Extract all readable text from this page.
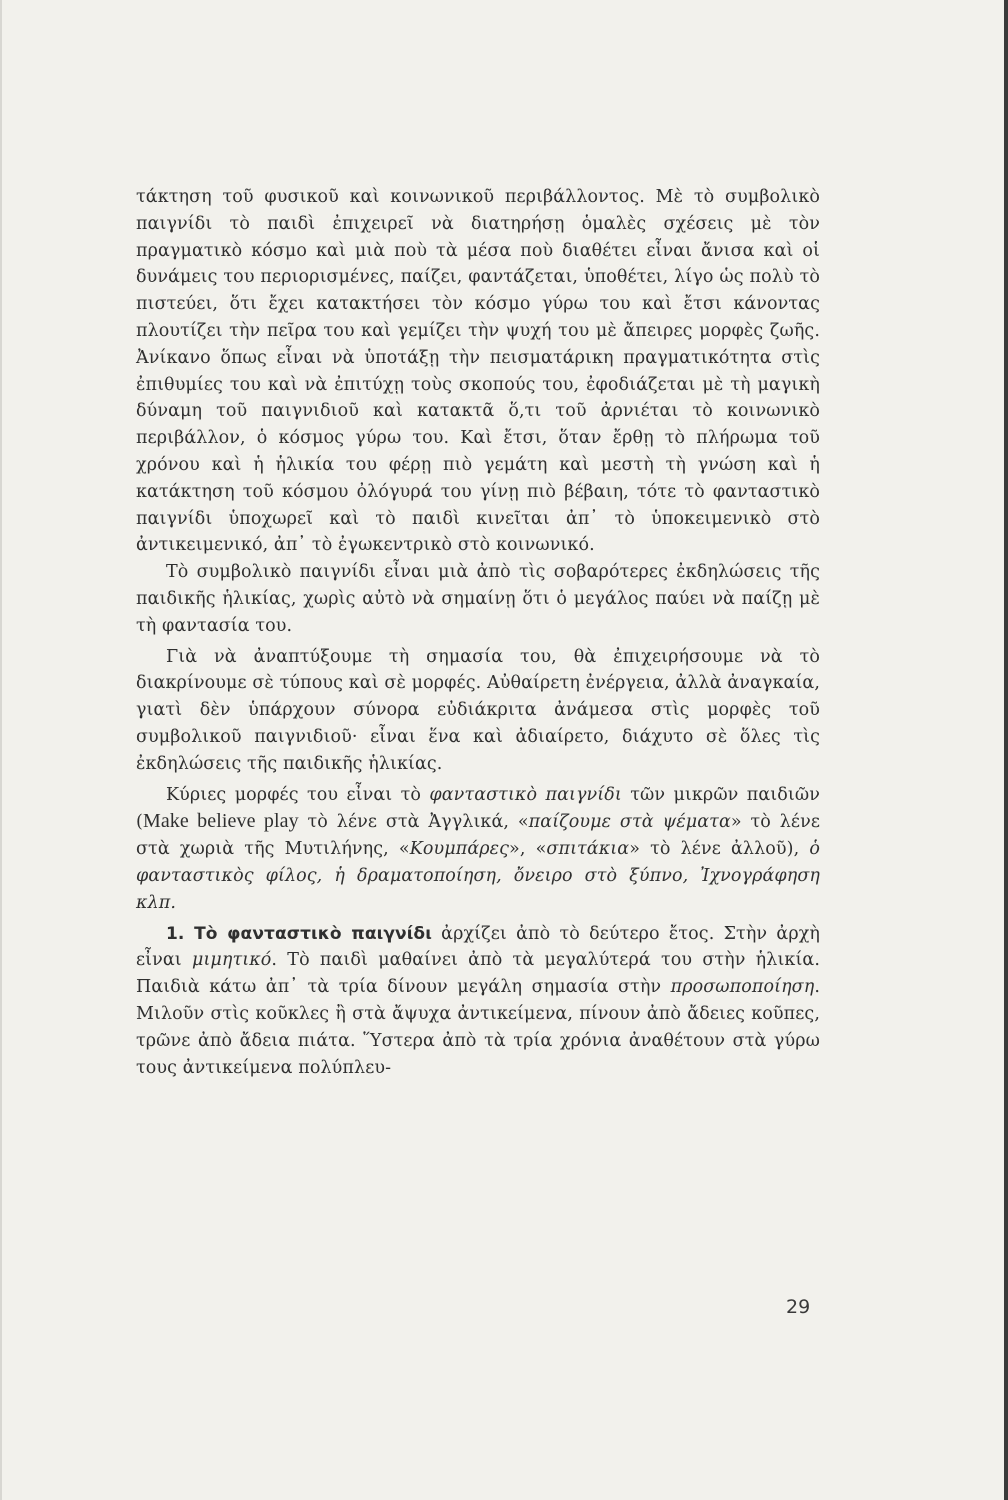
τάκτηση τοῦ φυσικοῦ καὶ κοινωνικοῦ περιβάλλοντος. Μὲ τὸ συμβολικὸ παιγνίδι τὸ παιδὶ ἐπιχειρεῖ νὰ διατηρήσῃ ὁμαλὲς σχέσεις μὲ τὸν πραγματικὸ κόσμο καὶ μιὰ ποὺ τὰ μέσα ποὺ διαθέτει εἶναι ἄνισα καὶ οἱ δυνάμεις του περιορισμένες, παίζει, φαντάζεται, ὑποθέτει, λίγο ὡς πολὺ τὸ πιστεύει, ὅτι ἔχει κατακτήσει τὸν κόσμο γύρω του καὶ ἔτσι κάνοντας πλουτίζει τὴν πεῖρα του καὶ γεμίζει τὴν ψυχή του μὲ ἄπειρες μορφὲς ζωῆς. Ἀνίκανο ὅπως εἶναι νὰ ὑποτάξῃ τὴν πεισματάρικη πραγματικότητα στὶς ἐπιθυμίες του καὶ νὰ ἐπιτύχῃ τοὺς σκοπούς του, ἐφοδιάζεται μὲ τὴ μαγικὴ δύναμη τοῦ παιγνιδιοῦ καὶ κατακτᾶ ὅ,τι τοῦ ἀρνιέται τὸ κοινωνικὸ περιβάλλον, ὁ κόσμος γύρω του. Καὶ ἔτσι, ὅταν ἔρθῃ τὸ πλήρωμα τοῦ χρόνου καὶ ἡ ἡλικία του φέρῃ πιὸ γεμάτη καὶ μεστὴ τὴ γνώση καὶ ἡ κατάκτηση τοῦ κόσμου ὀλόγυρά του γίνῃ πιὸ βέβαιη, τότε τὸ φανταστικὸ παιγνίδι ὑποχωρεῖ καὶ τὸ παιδὶ κινεῖται ἀπ᾽ τὸ ὑποκειμενικὸ στὸ ἀντικειμενικό, ἀπ᾽ τὸ ἐγωκεντρικὸ στὸ κοινωνικό.

Τὸ συμβολικὸ παιγνίδι εἶναι μιὰ ἀπὸ τὶς σοβαρότερες ἐκδηλώσεις τῆς παιδικῆς ἡλικίας, χωρὶς αὐτὸ νὰ σημαίνῃ ὅτι ὁ μεγάλος παύει νὰ παίζῃ μὲ τὴ φαντασία του.

Γιὰ νὰ ἀναπτύξουμε τὴ σημασία του, θὰ ἐπιχειρήσουμε νὰ τὸ διακρίνουμε σὲ τύπους καὶ σὲ μορφές. Αὐθαίρετη ἐνέργεια, ἀλλὰ ἀναγκαία, γιατὶ δὲν ὑπάρχουν σύνορα εὐδιάκριτα ἀνάμεσα στὶς μορφὲς τοῦ συμβολικοῦ παιγνιδιοῦ· εἶναι ἕνα καὶ ἀδιαίρετο, διάχυτο σὲ ὅλες τὶς ἐκδηλώσεις τῆς παιδικῆς ἡλικίας.

Κύριες μορφές του εἶναι τὸ φανταστικὸ παιγνίδι τῶν μικρῶν παιδιῶν (Make believe play τὸ λένε στὰ Ἀγγλικά, «παίζουμε στὰ ψέματα» τὸ λένε στὰ χωριὰ τῆς Μυτιλήνης, «Κουμπάρες», «σπιτάκια» τὸ λένε ἀλλοῦ), ὁ φανταστικὸς φίλος, ἡ δραματοποίηση, ὄνειρο στὸ ξύπνο, Ἰχνογράφηση κλπ.

1. Τὸ φανταστικὸ παιγνίδι ἀρχίζει ἀπὸ τὸ δεύτερο ἔτος. Στὴν ἀρχὴ εἶναι μιμητικό. Τὸ παιδὶ μαθαίνει ἀπὸ τὰ μεγαλύτερά του στὴν ἡλικία. Παιδιὰ κάτω ἀπ᾽ τὰ τρία δίνουν μεγάλη σημασία στὴν προσωποποίηση. Μιλοῦν στὶς κοῦκλες ἢ στὰ ἄψυχα ἀντικείμενα, πίνουν ἀπὸ ἄδειες κοῦπες, τρῶνε ἀπὸ ἄδεια πιάτα. Ὕστερα ἀπὸ τὰ τρία χρόνια ἀναθέτουν στὰ γύρω τους ἀντικείμενα πολύπλευ-

29
